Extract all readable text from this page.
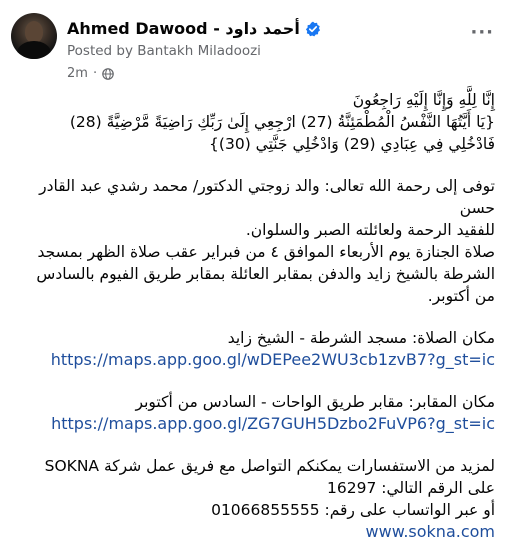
Ahmed Dawood - أحمد داود
Posted by Bantakh Miladoozi
2m ·
···

إِنَّا لِلَّهِ وَإِنَّا إِلَيْهِ رَاجِعُونَ

{يَا أَيَّتُهَا النَّفْسُ الْمُطْمَئِنَّةُ (27) ارْجِعِي إِلَىٰ رَبِّكِ رَاضِيَةً مَّرْضِيَّةً (28)

فَادْخُلِي فِي عِبَادِي (29) وَادْخُلِي جَنَّتِي (30)}

توفى إلى رحمة الله تعالى: والد زوجتي الدكتور/ محمد رشدي عبد القادر

حسن

للفقيد الرحمة ولعائلته الصبر والسلوان.

صلاة الجنازة يوم الأربعاء الموافق ٤ من فبراير عقب صلاة الظهر بمسجد

الشرطة بالشيخ زايد والدفن بمقابر العائلة بمقابر طريق الفيوم بالسادس

من أكتوبر.

مكان الصلاة: مسجد الشرطة - الشيخ زايد

https://maps.app.goo.gl/wDEPee2WU3cb1zvB7?g_st=ic

مكان المقابر: مقابر طريق الواحات - السادس من أكتوبر

https://maps.app.goo.gl/ZG7GUH5Dzbo2FuVP6?g_st=ic

لمزيد من الاستفسارات يمكنكم التواصل مع فريق عمل شركة SOKNA

على الرقم التالي: 16297

أو عبر الواتساب على رقم: 01066855555

www.sokna.com
